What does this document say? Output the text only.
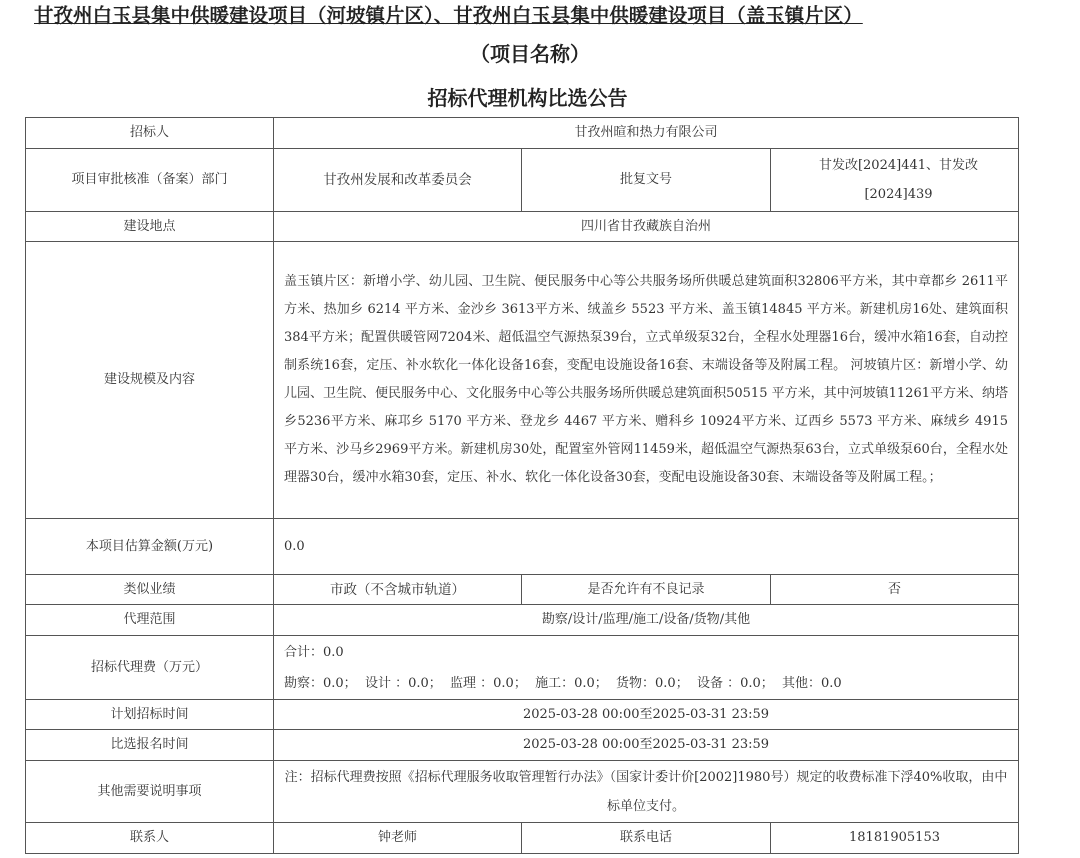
甘孜州白玉县集中供暖建设项目（河坡镇片区）、甘孜州白玉县集中供暖建设项目（盖玉镇片区）
（项目名称）
招标代理机构比选公告
招标人	甘孜州暄和热力有限公司		
项目审批核准（备案）部门	甘孜州发展和改革委员会	批复文号	甘发改[2024]441、甘发改[2024]439
建设地点	四川省甘孜藏族自治州		
建设规模及内容	盖玉镇片区：新增小学、幼儿园、卫生院、便民服务中心等公共服务场所供暖总建筑面积32806平方米，其中章都乡 2611平方米、热加乡 6214 平方米、金沙乡 3613平方米、绒盖乡 5523 平方米、盖玉镇14845 平方米。新建机房16处、建筑面积384平方米；配置供暖管网7204米、超低温空气源热泵39台，立式单级泵32台，全程水处理器16台，缓冲水箱16套，自动控制系统16套，定压、补水软化一体化设备16套，变配电设施设备16套、末端设备等及附属工程。 河坡镇片区：新增小学、幼儿园、卫生院、便民服务中心、文化服务中心等公共服务场所供暖总建筑面积50515 平方米，其中河坡镇11261平方米、纳塔乡5236平方米、麻邛乡 5170 平方米、登龙乡 4467 平方米、赠科乡 10924平方米、辽西乡 5573 平方米、麻绒乡 4915 平方米、沙马乡2969平方米。新建机房30处，配置室外管网11459米，超低温空气源热泵63台，立式单级泵60台，全程水处理器30台，缓冲水箱30套，定压、补水、软化一体化设备30套，变配电设施设备30套、末端设备等及附属工程。；		
本项目估算金额(万元)	0.0		
类似业绩	市政（不含城市轨道）	是否允许有不良记录	否
代理范围	勘察/设计/监理/施工/设备/货物/其他		
招标代理费（万元）	合计：0.0
勘察：0.0；  设计 ：0.0；  监理 ：0.0；  施工：0.0；  货物：0.0；  设备 ：0.0；  其他：0.0		

计划招标时间	2025-03-28 00:00至2025-03-31 23:59		
比选报名时间	2025-03-28 00:00至2025-03-31 23:59		
其他需要说明事项	注：招标代理费按照《招标代理服务收取管理暂行办法》（国家计委计价[2002]1980号）规定的收费标准下浮40%收取，由中标单位支付。		
联系人	钟老师	联系电话	18181905153
